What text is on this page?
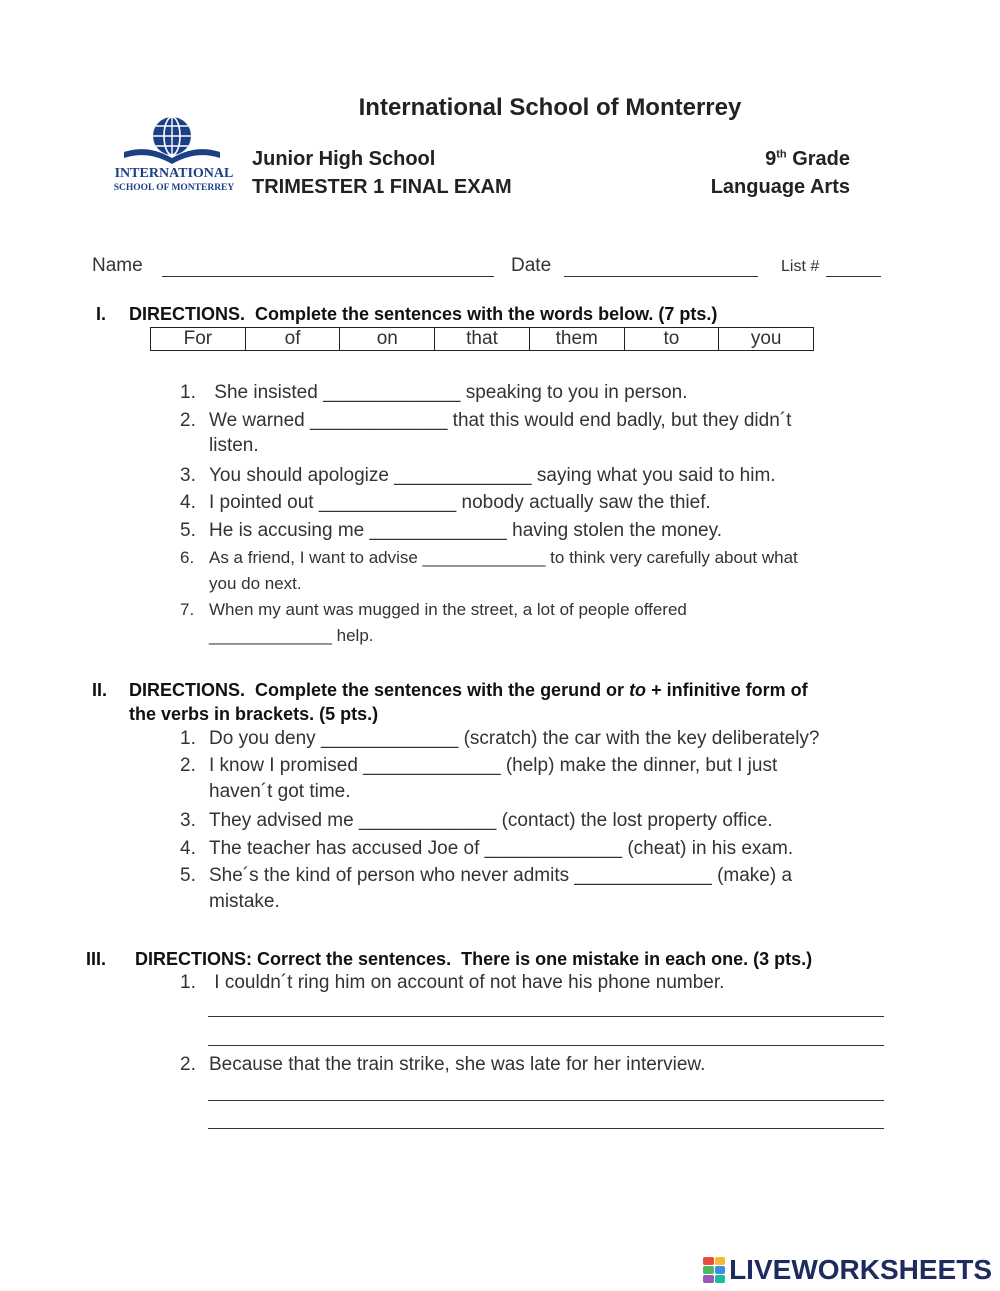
International School of Monterrey
INTERNATIONAL
SCHOOL OF MONTERREY
Junior High School
TRIMESTER 1 FINAL EXAM
9th Grade
Language Arts
Name	Date	List #
I. DIRECTIONS.  Complete the sentences with the words below. (7 pts.)
For	of	on	that	them	to	you
1. She insisted _____________ speaking to you in person.
2. We warned _____________ that this would end badly, but they didn´t
listen.
3. You should apologize _____________ saying what you said to him.
4. I pointed out _____________ nobody actually saw the thief.
5. He is accusing me _____________ having stolen the money.
6. As a friend, I want to advise _____________ to think very carefully about what
you do next.
7. When my aunt was mugged in the street, a lot of people offered
_____________ help.
II. DIRECTIONS.  Complete the sentences with the gerund or to + infinitive form of
the verbs in brackets. (5 pts.)
1. Do you deny _____________ (scratch) the car with the key deliberately?
2. I know I promised _____________ (help) make the dinner, but I just
haven´t got time.
3. They advised me _____________ (contact) the lost property office.
4. The teacher has accused Joe of _____________ (cheat) in his exam.
5. She´s the kind of person who never admits _____________ (make) a
mistake.
III. DIRECTIONS: Correct the sentences.  There is one mistake in each one. (3 pts.)
1. I couldn´t ring him on account of not have his phone number.
2. Because that the train strike, she was late for her interview.
LIVEWORKSHEETS
